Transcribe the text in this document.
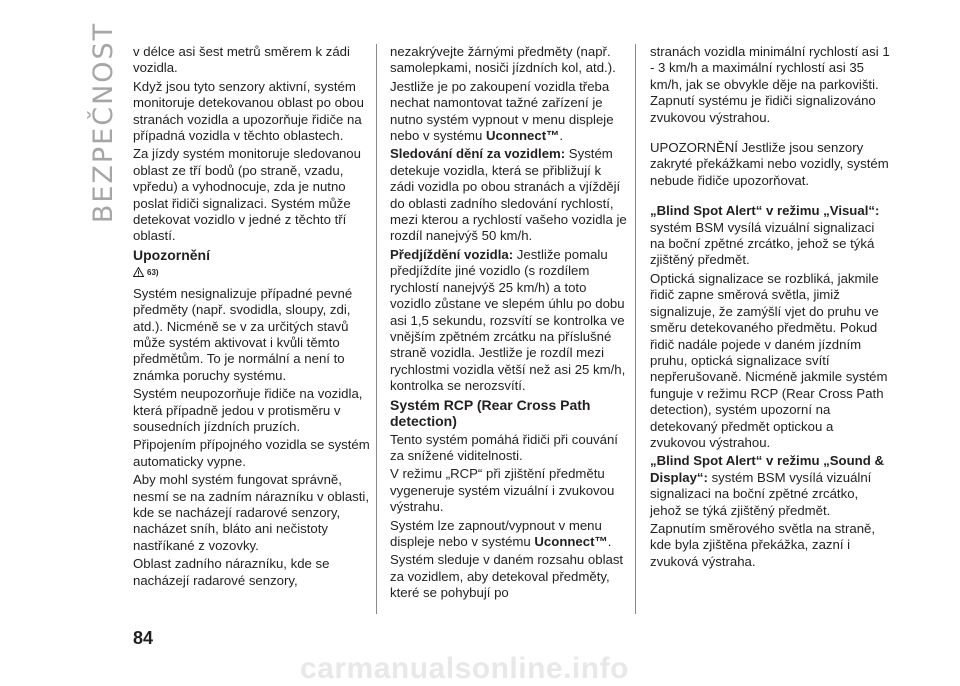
BEZPEČNOST v délce asi šest metrů směrem k zádi vozidla.

Když jsou tyto senzory aktivní, systém monitoruje detekovanou oblast po obou stranách vozidla a upozorňuje řidiče na případná vozidla v těchto oblastech.

Za jízdy systém monitoruje sledovanou oblast ze tří bodů (po straně, vzadu, vpředu) a vyhodnocuje, zda je nutno poslat řidiči signalizaci. Systém může detekovat vozidlo v jedné z těchto tří oblastí.

Upozornění

63)

Systém nesignalizuje případné pevné předměty (např. svodidla, sloupy, zdi, atd.). Nicméně se v za určitých stavů může systém aktivovat i kvůli těmto předmětům. To je normální a není to známka poruchy systému.

Systém neupozorňuje řidiče na vozidla, která případně jedou v protisměru v sousedních jízdních pruzích.

Připojením přípojného vozidla se systém automaticky vypne.

Aby mohl systém fungovat správně, nesmí se na zadním nárazníku v oblasti, kde se nacházejí radarové senzory, nacházet sníh, bláto ani nečistoty nastříkané z vozovky.

Oblast zadního nárazníku, kde se nacházejí radarové senzory,

nezakrývejte žárnými předměty (např. samolepkami, nosiči jízdních kol, atd.).

Jestliže je po zakoupení vozidla třeba nechat namontovat tažné zařízení je nutno systém vypnout v menu displeje nebo v systému Uconnect™.

Sledování dění za vozidlem: Systém detekuje vozidla, která se přibližují k zádi vozidla po obou stranách a vjíždějí do oblasti zadního sledování rychlostí, mezi kterou a rychlostí vašeho vozidla je rozdíl nanejvýš 50 km/h.

Předjíždění vozidla: Jestliže pomalu předjíždíte jiné vozidlo (s rozdílem rychlostí nanejvýš 25 km/h) a toto vozidlo zůstane ve slepém úhlu po dobu asi 1,5 sekundu, rozsvítí se kontrolka ve vnějším zpětném zrcátku na příslušné straně vozidla. Jestliže je rozdíl mezi rychlostmi vozidla větší než asi 25 km/h, kontrolka se nerozsvítí.

Systém RCP (Rear Cross Path detection)

Tento systém pomáhá řidiči při couvání za snížené viditelnosti.

V režimu „RCP“ při zjištění předmětu vygeneruje systém vizuální i zvukovou výstrahu.

Systém lze zapnout/vypnout v menu displeje nebo v systému Uconnect™.

Systém sleduje v daném rozsahu oblast za vozidlem, aby detekoval předměty, které se pohybují po

stranách vozidla minimální rychlostí asi 1 - 3 km/h a maximální rychlostí asi 35 km/h, jak se obvykle děje na parkovišti. Zapnutí systému je řidiči signalizováno zvukovou výstrahou.

UPOZORNĚNÍ Jestliže jsou senzory zakryté překážkami nebo vozidly, systém nebude řidiče upozorňovat.

„Blind Spot Alert“ v režimu „Visual“: systém BSM vysílá vizuální signalizaci na boční zpětné zrcátko, jehož se týká zjištěný předmět.

Optická signalizace se rozbliká, jakmile řidič zapne směrová světla, jimiž signalizuje, že zamýšlí vjet do pruhu ve směru detekovaného předmětu. Pokud řidič nadále pojede v daném jízdním pruhu, optická signalizace svítí nepřerušovaně. Nicméně jakmile systém funguje v režimu RCP (Rear Cross Path detection), systém upozorní na detekovaný předmět optickou a zvukovou výstrahou.

„Blind Spot Alert“ v režimu „Sound & Display“: systém BSM vysílá vizuální signalizaci na boční zpětné zrcátko, jehož se týká zjištěný předmět.

Zapnutím směrového světla na straně, kde byla zjištěna překážka, zazní i zvuková výstraha.

84
carmanualsonline.info
